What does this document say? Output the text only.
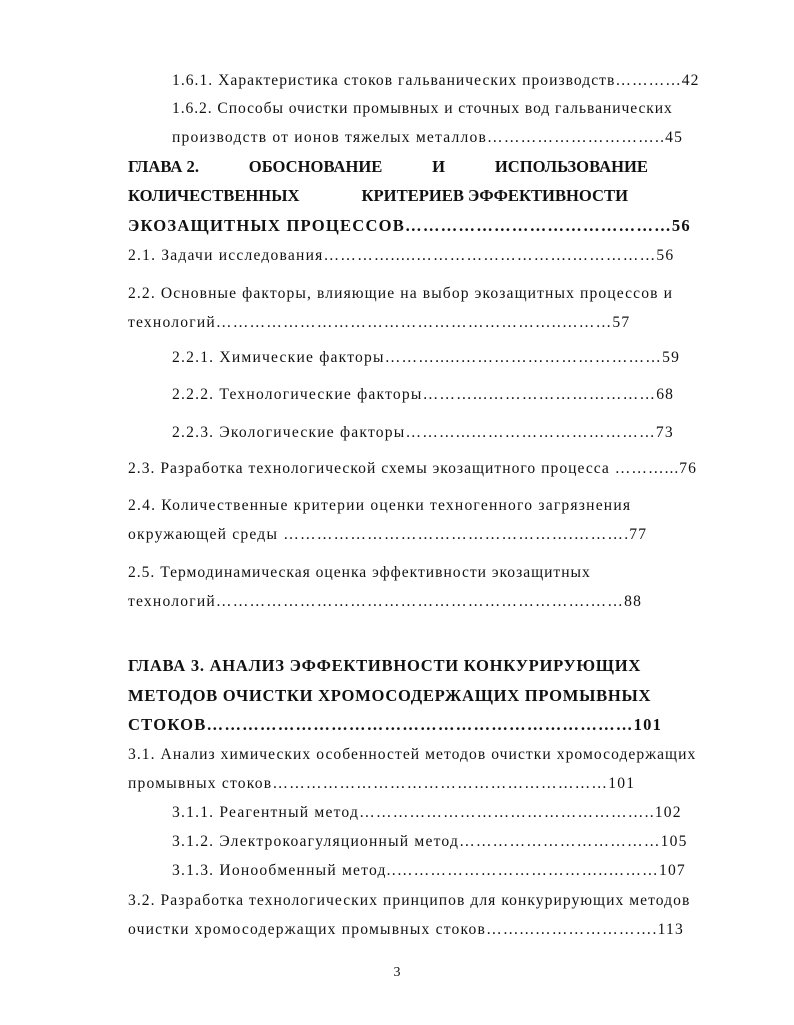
1.6.1. Характеристика стоков гальванических производств…………42
1.6.2. Способы очистки промывных и сточных вод гальванических
производств от ионов тяжелых металлов…………………………..45
ГЛАВА 2.	ОБОСНОВАНИЕ	И	ИСПОЛЬЗОВАНИЕ
КОЛИЧЕСТВЕННЫХ	КРИТЕРИЕВ ЭФФЕКТИВНОСТИ
ЭКОЗАЩИТНЫХ ПРОЦЕССОВ………………………………………56
2.1. Задачи исследования………….....……………………….……………56
2.2. Основные факторы, влияющие на выбор экозащитных процессов и
технологий……………………………………………………..………57
2.2.1. Химические факторы……….....………………………………59
2.2.2. Технологические факторы………...…………………………68
2.2.3. Экологические факторы………...……………………………73
2.3. Разработка технологической схемы экозащитного процесса ………...76
2.4. Количественные критерии оценки техногенного загрязнения
окружающей среды …………………………………………….……….77
2.5. Термодинамическая оценка эффективности экозащитных
технологий………………………………………………………….……88
ГЛАВА 3. АНАЛИЗ ЭФФЕКТИВНОСТИ КОНКУРИРУЮЩИХ
МЕТОДОВ ОЧИСТКИ ХРОМОСОДЕРЖАЩИХ ПРОМЫВНЫХ
СТОКОВ………………………………………………………………101
3.1. Анализ химических особенностей методов очистки хромосодержащих
промывных стоков……………………………………………………101
3.1.1. Реагентный метод……………………………………………..102
3.1.2. Электрокоагуляционный метод………………………………105
3.1.3. Ионообменный метод..………………………………..………107
3.2. Разработка технологических принципов для конкурирующих методов
очистки хромосодержащих промывных стоков……...………………….113
3
